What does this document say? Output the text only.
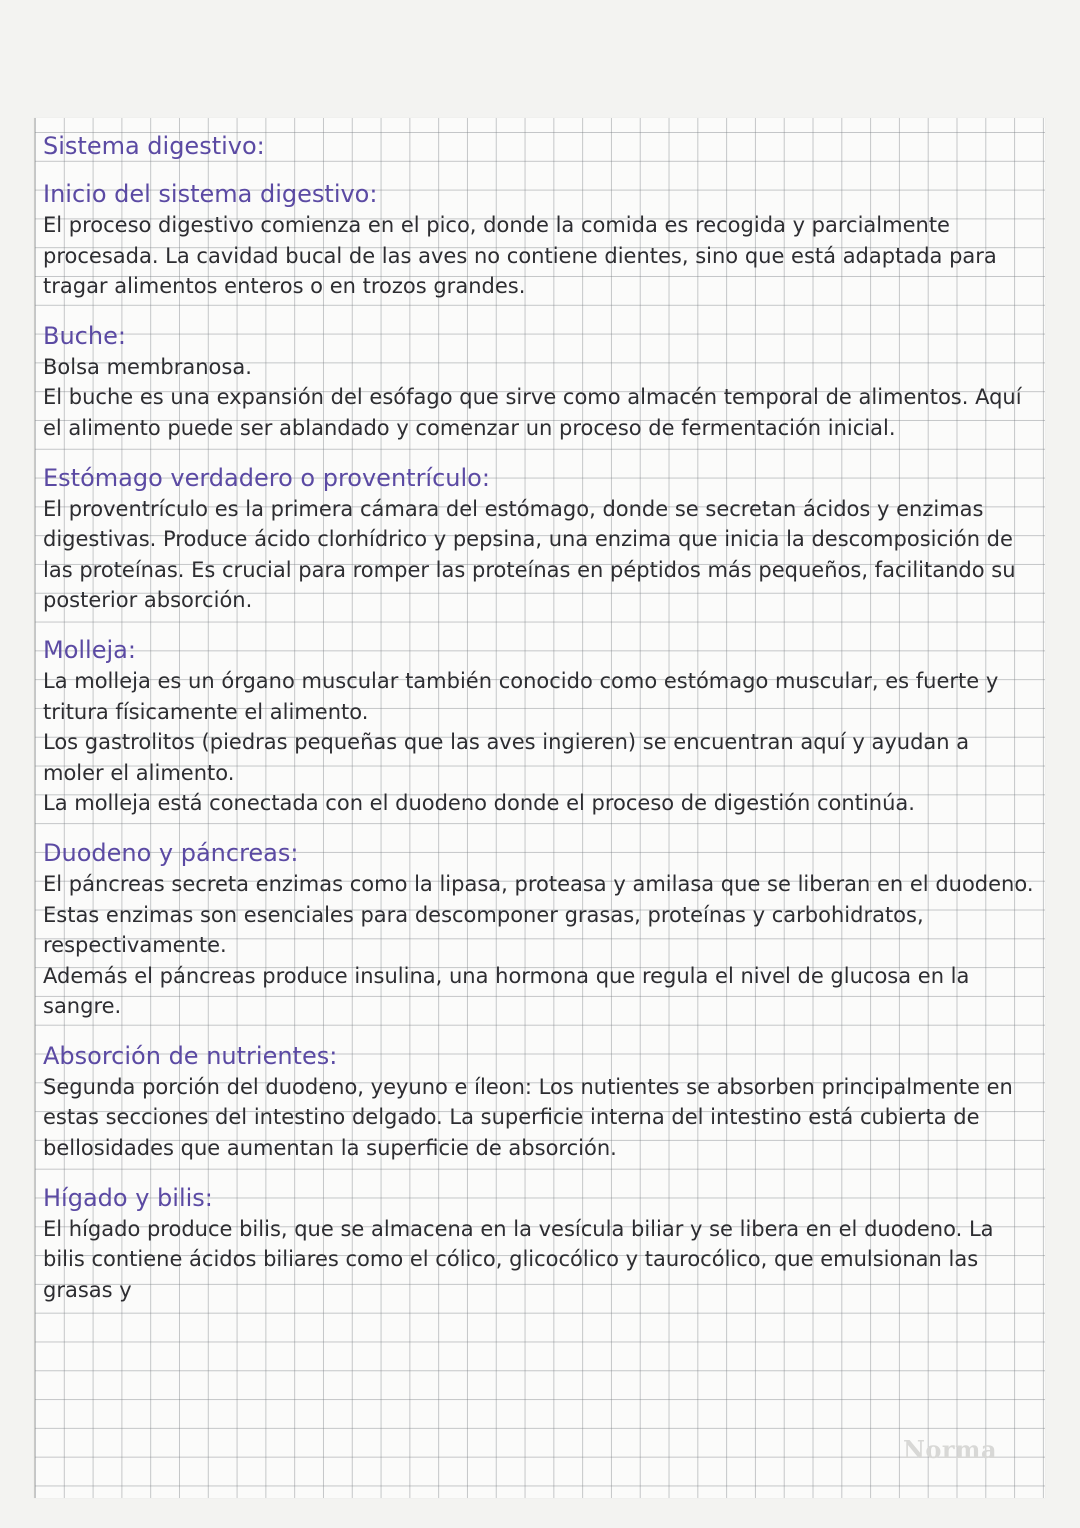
Sistema digestivo:
Inicio del sistema digestivo:

El proceso digestivo comienza en el pico, donde la comida es recogida y parcialmente procesada. La cavidad bucal de las aves no contiene dientes, sino que está adaptada para tragar alimentos enteros o en trozos grandes.

Buche:

Bolsa membranosa.

El buche es una expansión del esófago que sirve como almacén temporal de alimentos. Aquí el alimento puede ser ablandado y comenzar un proceso de fermentación inicial.

Estómago verdadero o proventrículo:

El proventrículo es la primera cámara del estómago, donde se secretan ácidos y enzimas digestivas. Produce ácido clorhídrico y pepsina, una enzima que inicia la descomposición de las proteínas. Es crucial para romper las proteínas en péptidos más pequeños, facilitando su posterior absorción.

Molleja:

La molleja es un órgano muscular también conocido como estómago muscular, es fuerte y tritura físicamente el alimento.

Los gastrolitos (piedras pequeñas que las aves ingieren) se encuentran aquí y ayudan a moler el alimento.

La molleja está conectada con el duodeno donde el proceso de digestión continúa.

Duodeno y páncreas:

El páncreas secreta enzimas como la lipasa, proteasa y amilasa que se liberan en el duodeno. Estas enzimas son esenciales para descomponer grasas, proteínas y carbohidratos, respectivamente.

Además el páncreas produce insulina, una hormona que regula el nivel de glucosa en la sangre.

Absorción de nutrientes:

Segunda porción del duodeno, yeyuno e íleon: Los nutientes se absorben principalmente en estas secciones del intestino delgado. La superficie interna del intestino está cubierta de bellosidades que aumentan la superficie de absorción.

Hígado y bilis:

El hígado produce bilis, que se almacena en la vesícula biliar y se libera en el duodeno. La bilis contiene ácidos biliares como el cólico, glicocólico y taurocólico, que emulsionan las grasas y

Norma
